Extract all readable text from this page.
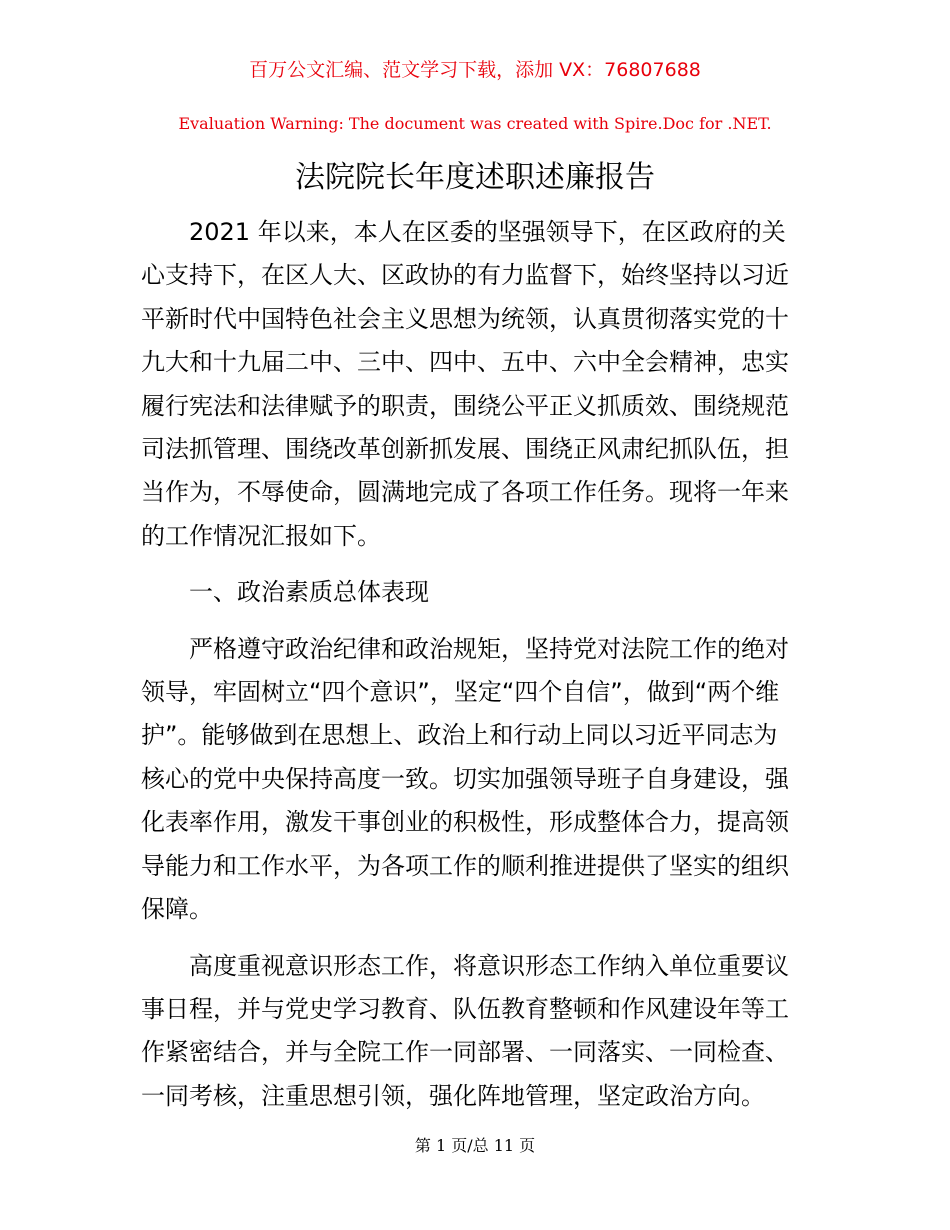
百万公文汇编、范文学习下载，添加 VX：76807688
Evaluation Warning: The document was created with Spire.Doc for .NET.
法院院长年度述职述廉报告

　　2021 年以来，本人在区委的坚强领导下，在区政府的关
心支持下，在区人大、区政协的有力监督下，始终坚持以习近
平新时代中国特色社会主义思想为统领，认真贯彻落实党的十
九大和十九届二中、三中、四中、五中、六中全会精神，忠实
履行宪法和法律赋予的职责，围绕公平正义抓质效、围绕规范
司法抓管理、围绕改革创新抓发展、围绕正风肃纪抓队伍，担
当作为，不辱使命，圆满地完成了各项工作任务。现将一年来
的工作情况汇报如下。

　　一、政治素质总体表现

　　严格遵守政治纪律和政治规矩，坚持党对法院工作的绝对
领导，牢固树立“四个意识”，坚定“四个自信”，做到“两个维
护”。能够做到在思想上、政治上和行动上同以习近平同志为
核心的党中央保持高度一致。切实加强领导班子自身建设，强
化表率作用，激发干事创业的积极性，形成整体合力，提高领
导能力和工作水平，为各项工作的顺利推进提供了坚实的组织
保障。

　　高度重视意识形态工作，将意识形态工作纳入单位重要议
事日程，并与党史学习教育、队伍教育整顿和作风建设年等工
作紧密结合，并与全院工作一同部署、一同落实、一同检查、
一同考核，注重思想引领，强化阵地管理，坚定政治方向。

第 1 页/总 11 页
